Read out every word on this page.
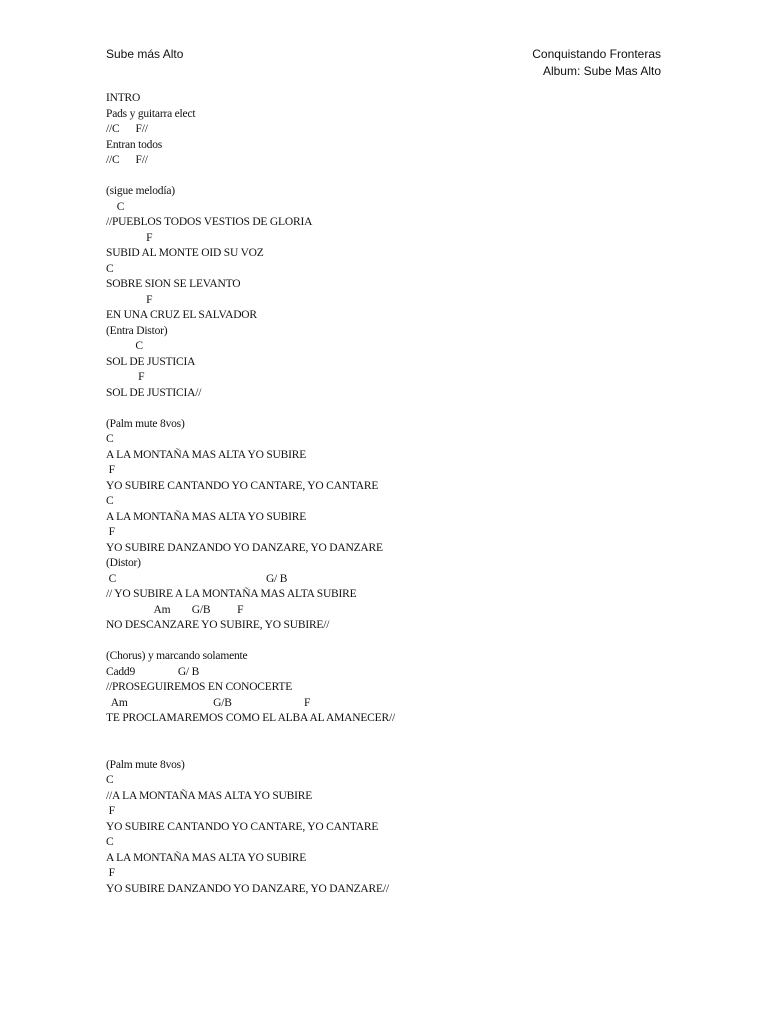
Sube más Alto	Conquistando Fronteras
Album: Sube Mas Alto
INTRO
Pads y guitarra elect
//C      F//
Entran todos
//C      F//
(sigue melodía)
C
//PUEBLOS TODOS VESTIOS DE GLORIA
F
SUBID AL MONTE OID SU VOZ
C
SOBRE SION SE LEVANTO
F
EN UNA CRUZ EL SALVADOR
(Entra Distor)
C
SOL DE JUSTICIA
F
SOL DE JUSTICIA//
(Palm mute 8vos)
C
A LA MONTAÑA MAS ALTA YO SUBIRE
F
YO SUBIRE CANTANDO YO CANTARE, YO CANTARE
C
A LA MONTAÑA MAS ALTA YO SUBIRE
F
YO SUBIRE DANZANDO YO DANZARE, YO DANZARE
(Distor)
C                                                        G/ B
// YO SUBIRE A LA MONTAÑA MAS ALTA SUBIRE
Am        G/B          F
NO DESCANZARE YO SUBIRE, YO SUBIRE//
(Chorus) y marcando solamente
Cadd9                G/ B
//PROSEGUIREMOS EN CONOCERTE
Am                                G/B                           F
TE PROCLAMAREMOS COMO EL ALBA AL AMANECER//
(Palm mute 8vos)
C
//A LA MONTAÑA MAS ALTA YO SUBIRE
F
YO SUBIRE CANTANDO YO CANTARE, YO CANTARE
C
A LA MONTAÑA MAS ALTA YO SUBIRE
F
YO SUBIRE DANZANDO YO DANZARE, YO DANZARE//
